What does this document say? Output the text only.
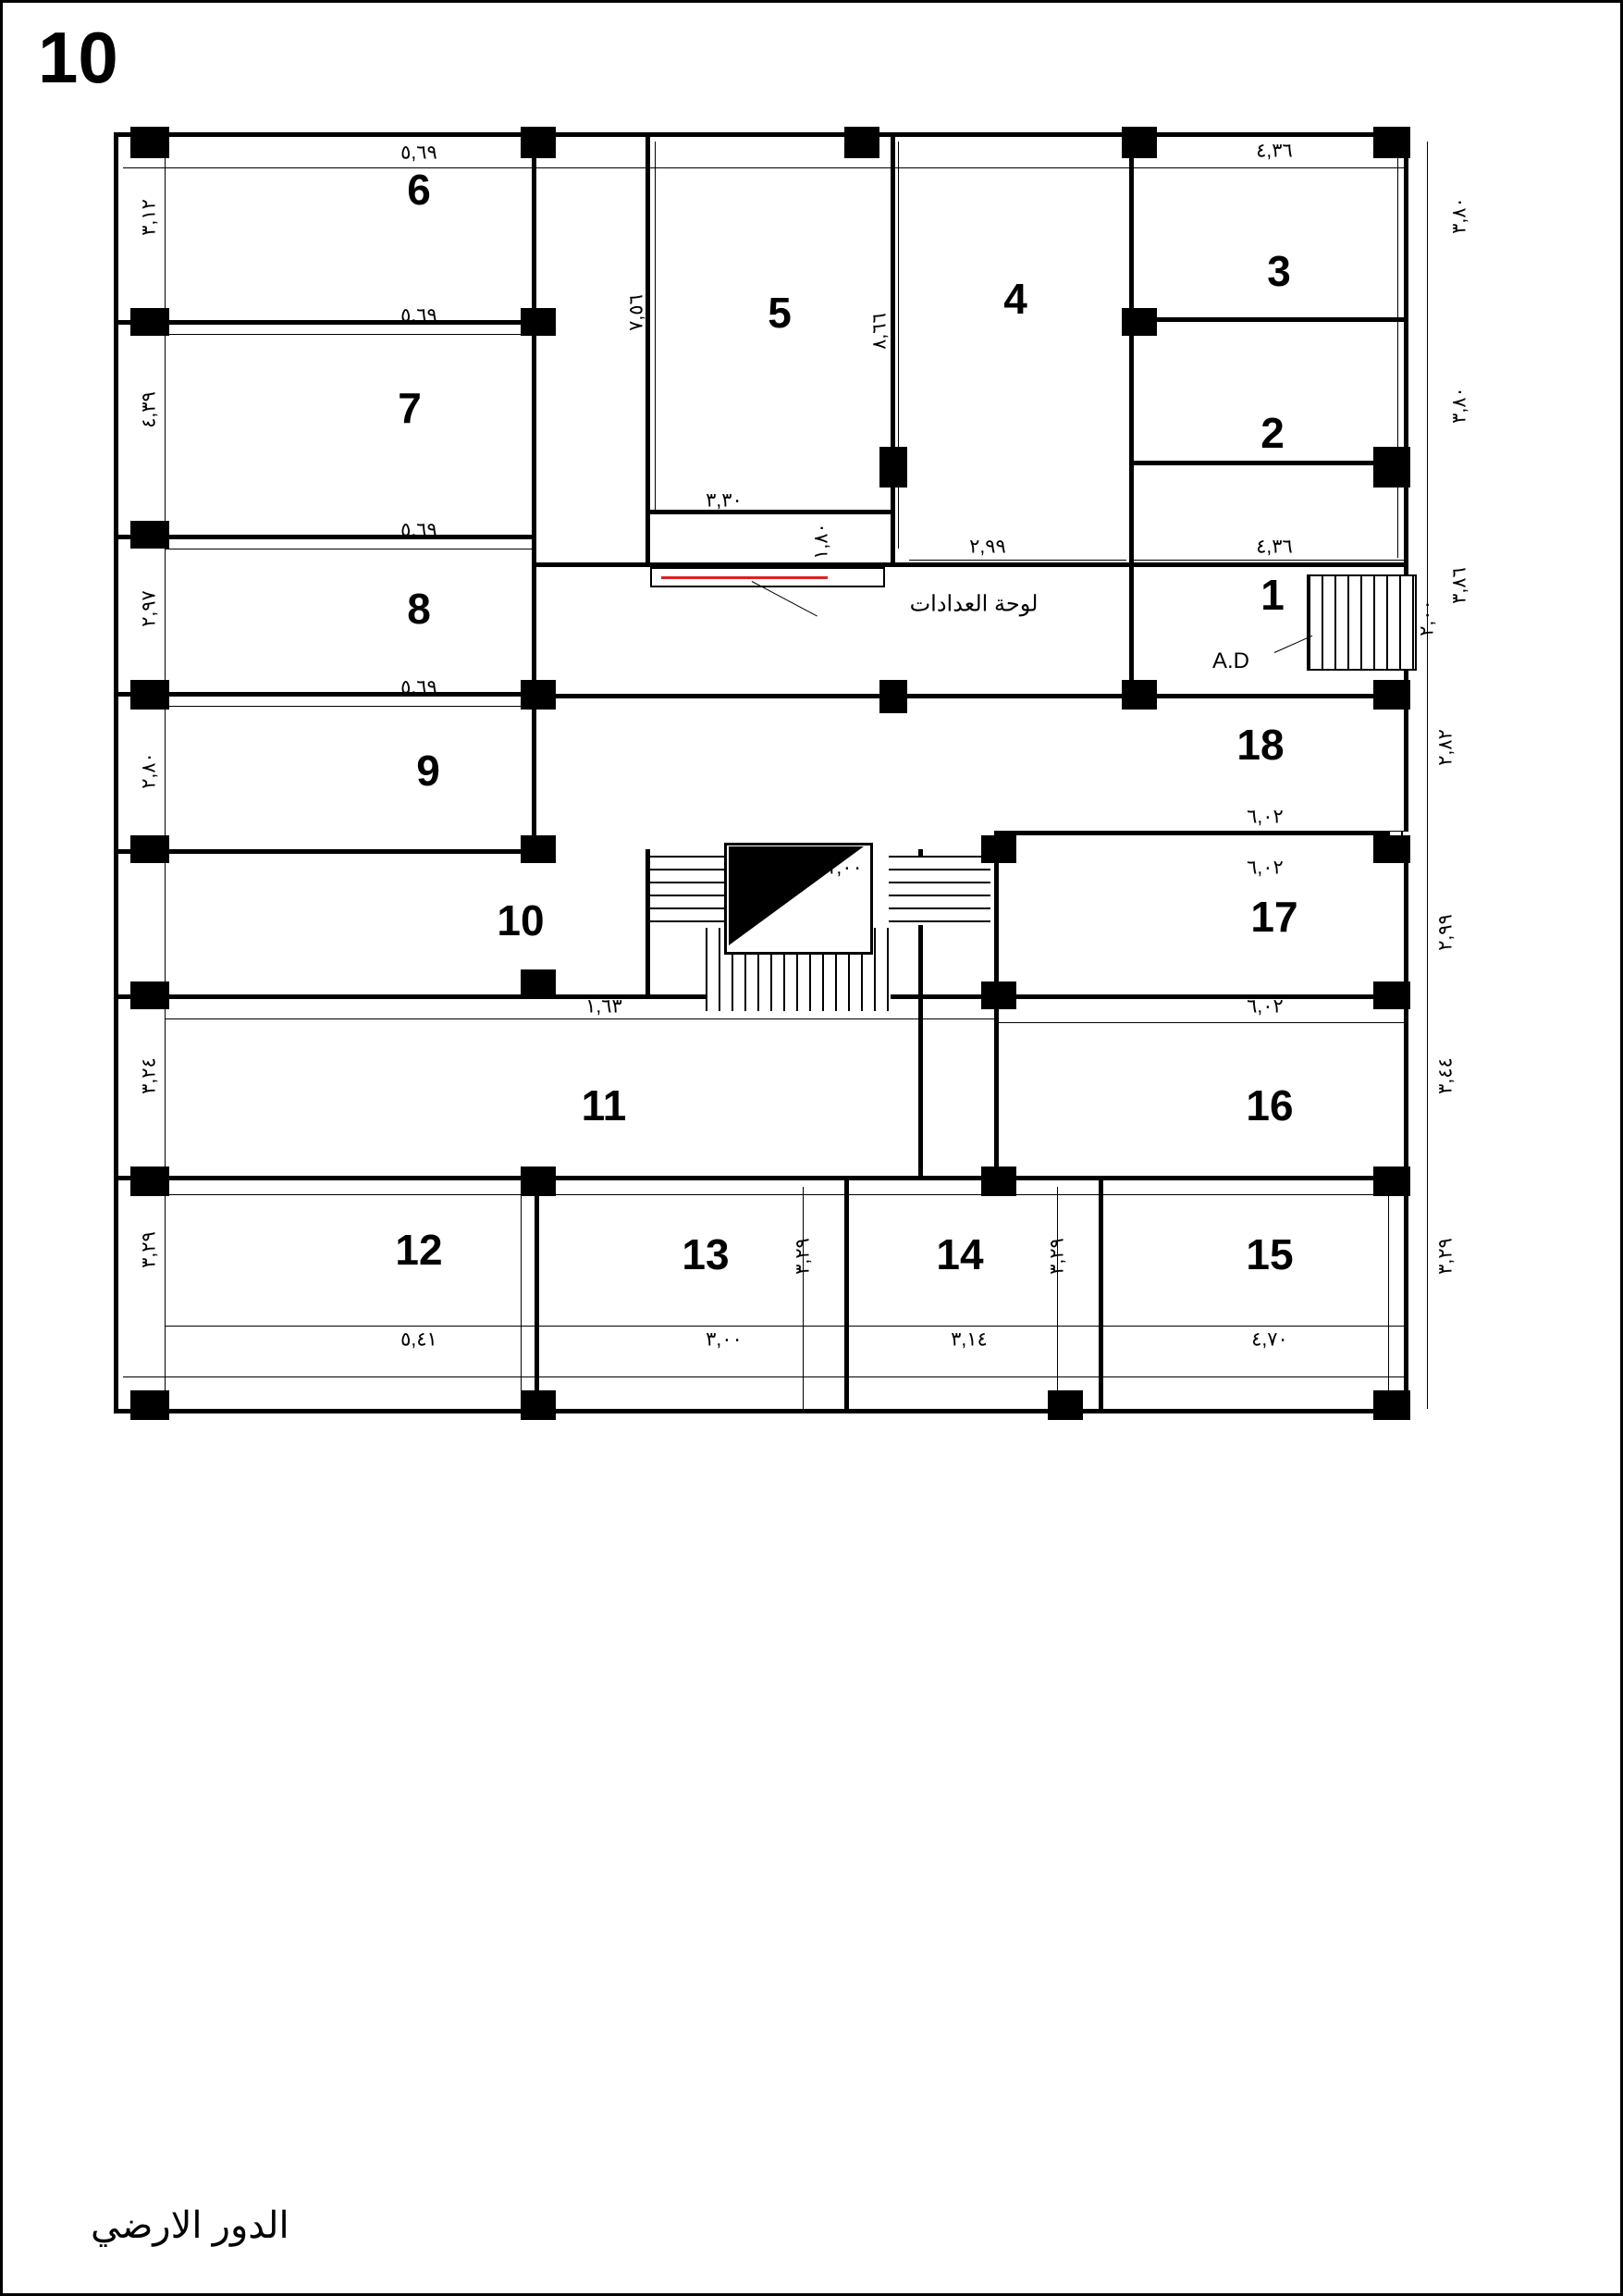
10
لوحة العدادات
A.D
1
2
3
4
5
6
7
8
9
10
11
12	13	14	15
16
17
18
٥,٦٩	٤,٣٦
٣,١٢	٣,٨٠
٧,٥٦
٥,٦٩	٨,٦٦
٣,٨٠
٤,٣٩
٣,٨٦
٣,٣٠
٥,٦٩	١,٨٠	٢,٩٩	٤,٣٦
٢,٩٧	٢,٠٠
٥,٦٩
٢,٨٠
٢,٨٢
٦,٠٢
١,٠٠	٦,٠٢
٢,٩٩
١,٦٣	٦,٠٢
٣,٢٤	٣,٤٤
٣,٢٩	٣,٢٩	٣,٢٩	٣,٢٩
٥,٤١	٣,٠٠	٣,١٤	٤,٧٠
الدور الارضي
